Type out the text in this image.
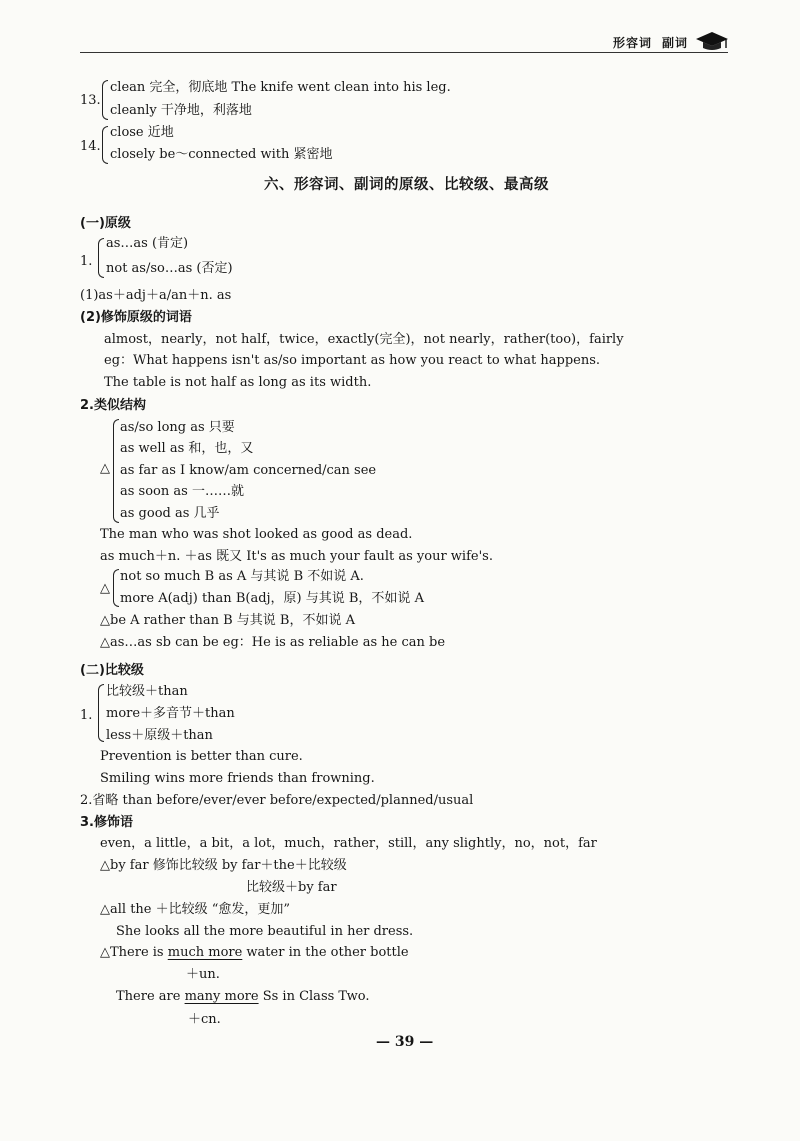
形容词 副词
13.
clean 完全，彻底地 The knife went clean into his leg.
cleanly 干净地，利落地
14.
close 近地
closely be～connected with 紧密地
六、形容词、副词的原级、比较级、最高级
(一)原级
1.
as…as (肯定)
not as/so…as (否定)
(1)as＋adj＋a/an＋n. as
(2)修饰原级的词语
almost，nearly，not half，twice，exactly(完全)，not nearly，rather(too)，fairly
eg：What happens isn't as/so important as how you react to what happens.
The table is not half as long as its width.
2.类似结构
△
as/so long as 只要
as well as 和，也，又
as far as I know/am concerned/can see
as soon as 一……就
as good as 几乎
The man who was shot looked as good as dead.
as much＋n. ＋as 既又 It's as much your fault as your wife's.
△
not so much B as A 与其说 B 不如说 A.
more A(adj) than B(adj，原) 与其说 B，不如说 A
△be A rather than B 与其说 B，不如说 A
△as…as sb can be eg：He is as reliable as he can be
(二)比较级
1.
比较级＋than
more＋多音节＋than
less＋原级＋than
Prevention is better than cure.
Smiling wins more friends than frowning.
2.省略 than before/ever/ever before/expected/planned/usual
3.修饰语
even，a little，a bit，a lot，much，rather，still，any slightly，no，not，far
△by far 修饰比较级 by far＋the＋比较级
比较级＋by far
△all the ＋比较级 “愈发，更加”
She looks all the more beautiful in her dress.
△There is much more water in the other bottle
＋un.
There are many more Ss in Class Two.
＋cn.
— 39 —
